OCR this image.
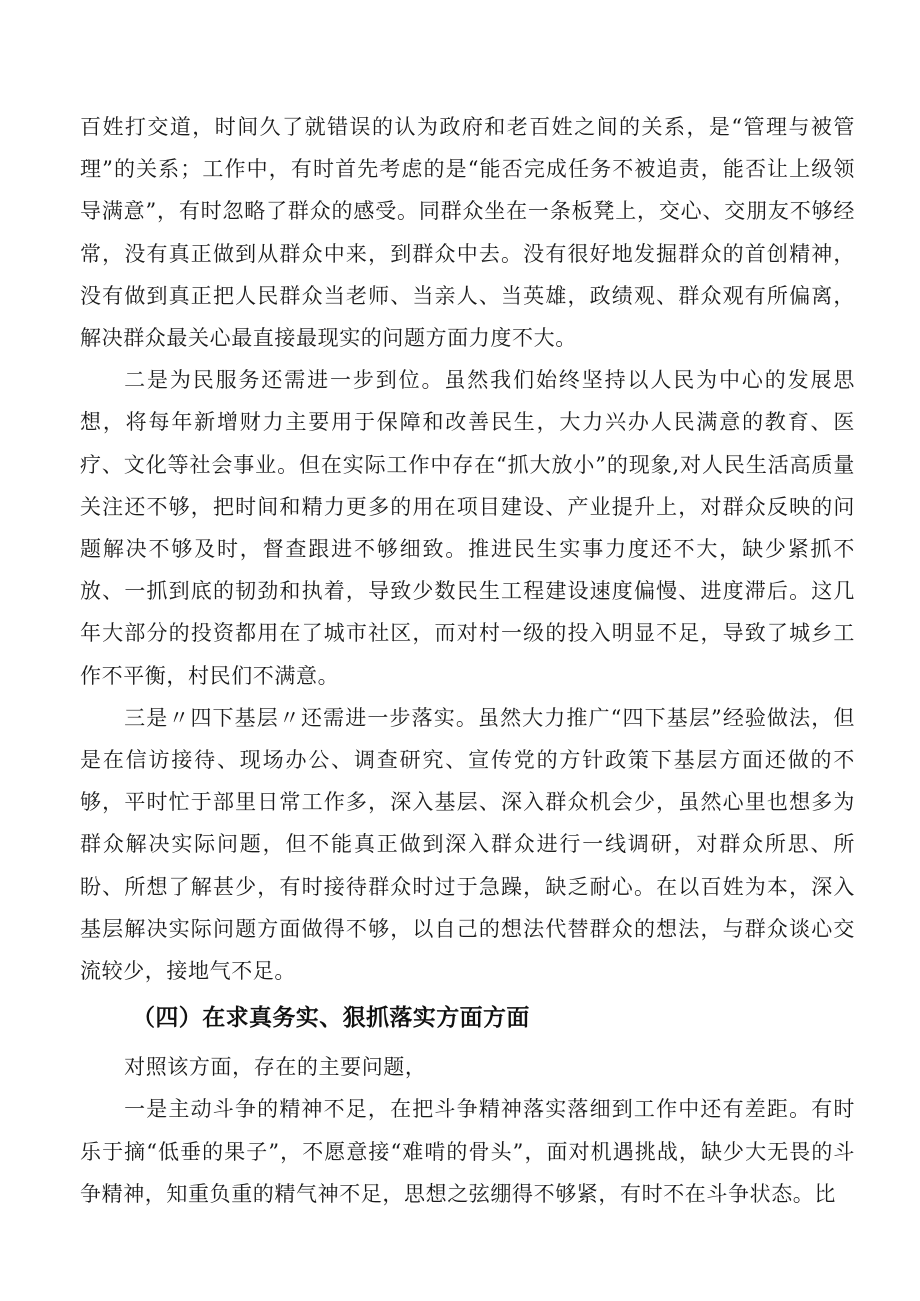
百姓打交道，时间久了就错误的认为政府和老百姓之间的关系，是“管理与被管理”的关系；工作中，有时首先考虑的是“能否完成任务不被追责，能否让上级领导满意”，有时忽略了群众的感受。同群众坐在一条板凳上，交心、交朋友不够经常，没有真正做到从群众中来，到群众中去。没有很好地发掘群众的首创精神，没有做到真正把人民群众当老师、当亲人、当英雄，政绩观、群众观有所偏离，解决群众最关心最直接最现实的问题方面力度不大。

二是为民服务还需进一步到位。虽然我们始终坚持以人民为中心的发展思想，将每年新增财力主要用于保障和改善民生，大力兴办人民满意的教育、医疗、文化等社会事业。但在实际工作中存在“抓大放小”的现象,对人民生活高质量关注还不够，把时间和精力更多的用在项目建设、产业提升上，对群众反映的问题解决不够及时，督查跟进不够细致。推进民生实事力度还不大，缺少紧抓不放、一抓到底的韧劲和执着，导致少数民生工程建设速度偏慢、进度滞后。这几年大部分的投资都用在了城市社区，而对村一级的投入明显不足，导致了城乡工作不平衡，村民们不满意。

三是〃四下基层〃还需进一步落实。虽然大力推广“四下基层”经验做法，但是在信访接待、现场办公、调查研究、宣传党的方针政策下基层方面还做的不够，平时忙于部里日常工作多，深入基层、深入群众机会少，虽然心里也想多为群众解决实际问题，但不能真正做到深入群众进行一线调研，对群众所思、所盼、所想了解甚少，有时接待群众时过于急躁，缺乏耐心。在以百姓为本，深入基层解决实际问题方面做得不够，以自己的想法代替群众的想法，与群众谈心交流较少，接地气不足。

（四）在求真务实、狠抓落实方面方面

对照该方面，存在的主要问题，

一是主动斗争的精神不足，在把斗争精神落实落细到工作中还有差距。有时乐于摘“低垂的果子”，不愿意接“难啃的骨头”，面对机遇挑战，缺少大无畏的斗争精神，知重负重的精气神不足，思想之弦绷得不够紧，有时不在斗争状态。比
